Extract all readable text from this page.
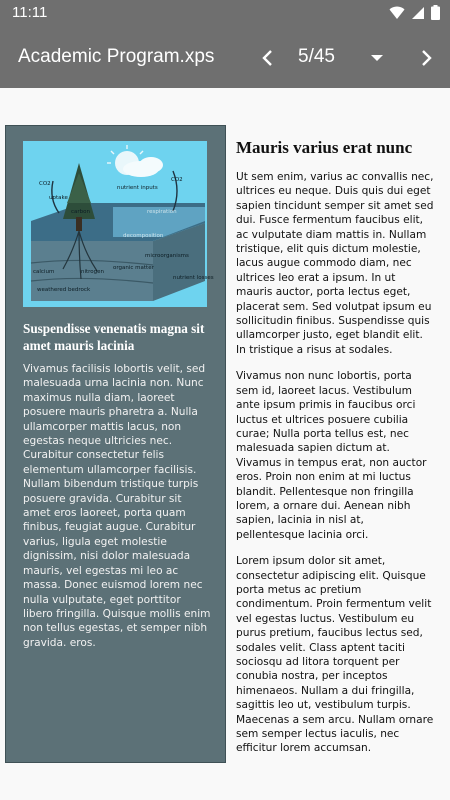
11:11
Academic Program.xps	5/45
CO2
uptake
nutrient inputs
CO2
carbon	respiration
decomposition
microorganisms
calcium	nitrogen
organic matter
nutrient losses
weathered bedrock
Suspendisse venenatis magna sit amet mauris lacinia
Vivamus facilisis lobortis velit, sed malesuada urna lacinia non. Nunc maximus nulla diam, laoreet posuere mauris pharetra a. Nulla ullamcorper mattis lacus, non egestas neque ultricies nec. Curabitur consectetur felis elementum ullamcorper facilisis. Nullam bibendum tristique turpis posuere gravida. Curabitur sit amet eros laoreet, porta quam finibus, feugiat augue. Curabitur varius, ligula eget molestie dignissim, nisi dolor malesuada mauris, vel egestas mi leo ac massa. Donec euismod lorem nec nulla vulputate, eget porttitor libero fringilla. Quisque mollis enim non tellus egestas, et semper nibh gravida. eros.
Mauris varius erat nunc

Ut sem enim, varius ac convallis nec, ultrices eu neque. Duis quis dui eget sapien tincidunt semper sit amet sed dui. Fusce fermentum faucibus elit, ac vulputate diam mattis in. Nullam tristique, elit quis dictum molestie, lacus augue commodo diam, nec ultrices leo erat a ipsum. In ut mauris auctor, porta lectus eget, placerat sem. Sed volutpat ipsum eu sollicitudin finibus. Suspendisse quis ullamcorper justo, eget blandit elit. In tristique a risus at sodales.

Vivamus non nunc lobortis, porta sem id, laoreet lacus. Vestibulum ante ipsum primis in faucibus orci luctus et ultrices posuere cubilia curae; Nulla porta tellus est, nec malesuada sapien dictum at. Vivamus in tempus erat, non auctor eros. Proin non enim at mi luctus blandit. Pellentesque non fringilla lorem, a ornare dui. Aenean nibh sapien, lacinia in nisl at, pellentesque lacinia orci.

Lorem ipsum dolor sit amet, consectetur adipiscing elit. Quisque porta metus ac pretium condimentum. Proin fermentum velit vel egestas luctus. Vestibulum eu purus pretium, faucibus lectus sed, sodales velit. Class aptent taciti sociosqu ad litora torquent per conubia nostra, per inceptos himenaeos. Nullam a dui fringilla, sagittis leo ut, vestibulum turpis. Maecenas a sem arcu. Nullam ornare sem semper lectus iaculis, nec efficitur lorem accumsan.
